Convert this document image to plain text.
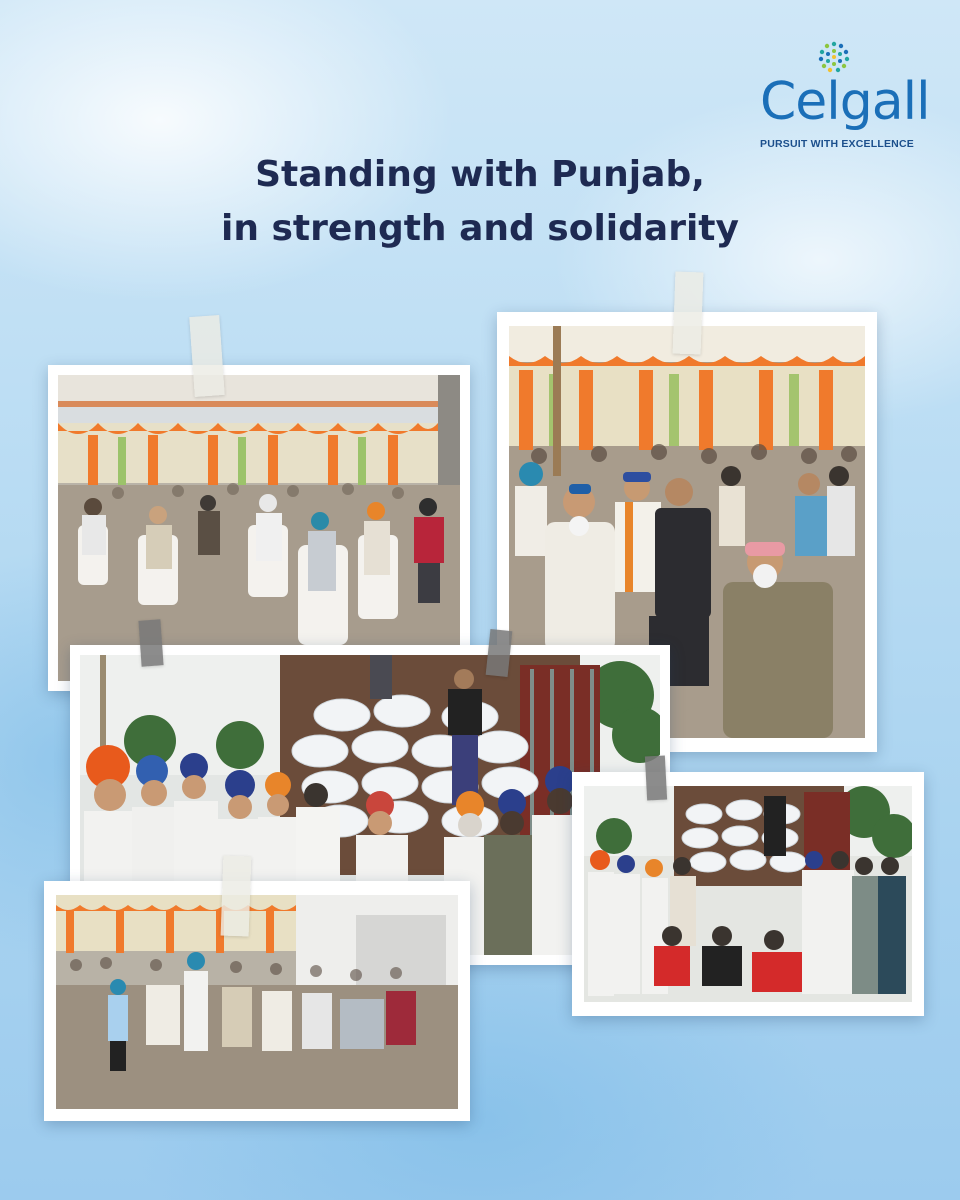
Celgall
PURSUIT WITH EXCELLENCE
Standing with Punjab,
in strength and solidarity
